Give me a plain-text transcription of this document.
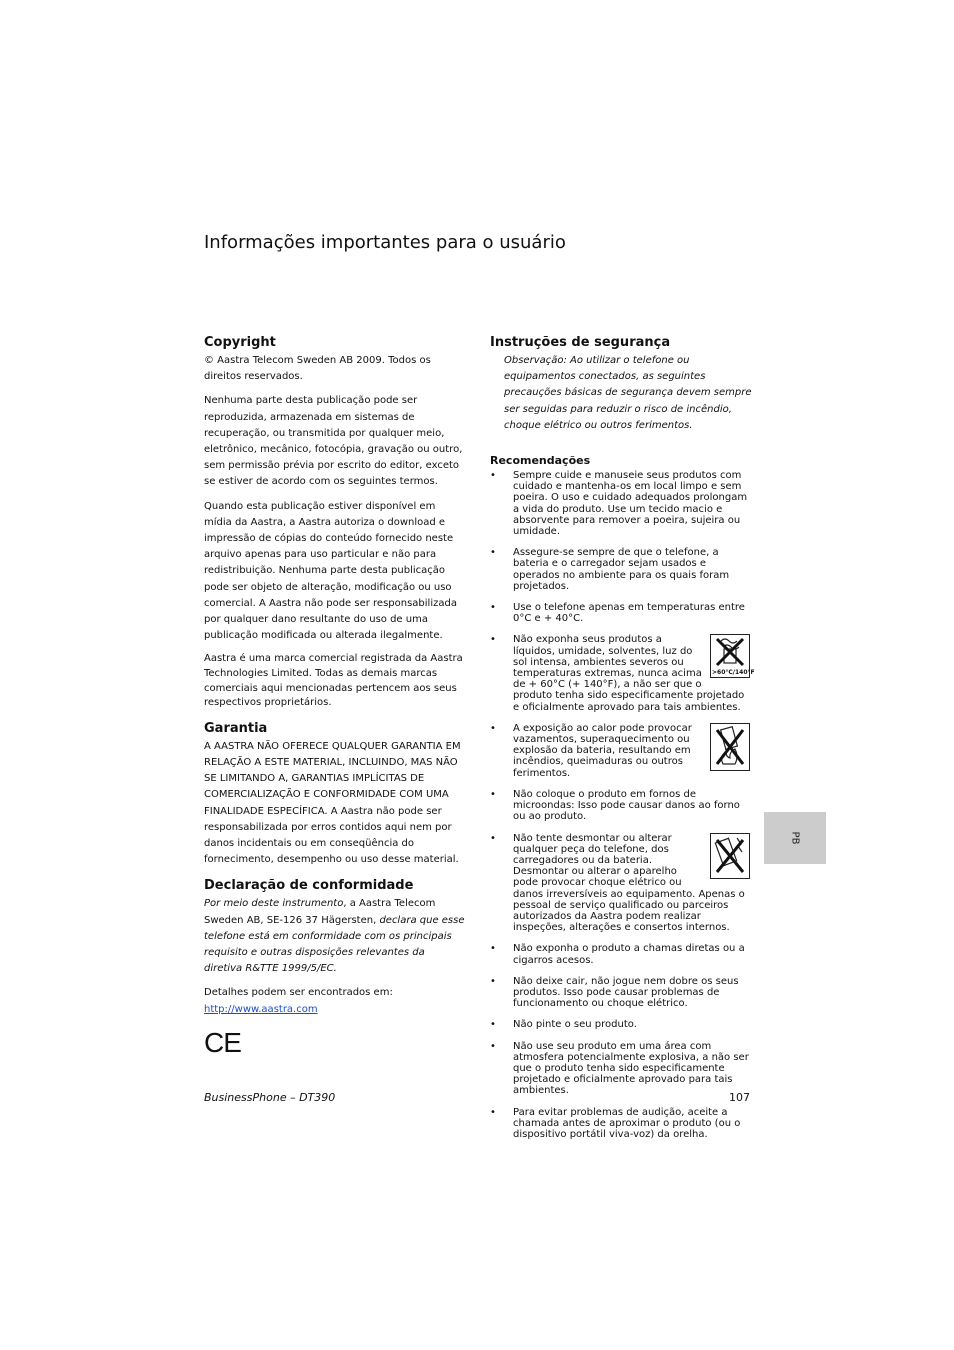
Informações importantes para o usuário
Copyright

© Aastra Telecom Sweden AB 2009. Todos os direitos reservados.

Nenhuma parte desta publicação pode ser reproduzida, armazenada em sistemas de recuperação, ou transmitida por qualquer meio, eletrônico, mecânico, fotocópia, gravação ou outro, sem permissão prévia por escrito do editor, exceto se estiver de acordo com os seguintes termos.

Quando esta publicação estiver disponível em mídia da Aastra, a Aastra autoriza o download e impressão de cópias do conteúdo fornecido neste arquivo apenas para uso particular e não para redistribuição. Nenhuma parte desta publicação pode ser objeto de alteração, modificação ou uso comercial. A Aastra não pode ser responsabilizada por qualquer dano resultante do uso de uma publicação modificada ou alterada ilegalmente.

Aastra é uma marca comercial registrada da Aastra Technologies Limited. Todas as demais marcas comerciais aqui mencionadas pertencem aos seus respectivos proprietários.

Garantia

A AASTRA NÃO OFERECE QUALQUER GARANTIA EM RELAÇÃO A ESTE MATERIAL, INCLUINDO, MAS NÃO SE LIMITANDO A, GARANTIAS IMPLÍCITAS DE COMERCIALIZAÇÃO E CONFORMIDADE COM UMA FINALIDADE ESPECÍFICA. A Aastra não pode ser responsabilizada por erros contidos aqui nem por danos incidentais ou em conseqüência do fornecimento, desempenho ou uso desse material.

Declaração de conformidade

Por meio deste instrumento, a Aastra Telecom Sweden AB, SE-126 37 Hägersten, declara que esse telefone está em conformidade com os principais requisito e outras disposições relevantes da diretiva R&TTE 1999/5/EC.

Detalhes podem ser encontrados em:

http://www.aastra.com
CE
Instruções de segurança

Observação: Ao utilizar o telefone ou equipamentos conectados, as seguintes precauções básicas de segurança devem sempre ser seguidas para reduzir o risco de incêndio, choque elétrico ou outros ferimentos.

Recomendações
• Sempre cuide e manuseie seus produtos com cuidado e mantenha-os em local limpo e sem poeira. O uso e cuidado adequados prolongam a vida do produto. Use um tecido macio e absorvente para remover a poeira, sujeira ou umidade.
• Assegure-se sempre de que o telefone, a bateria e o carregador sejam usados e operados no ambiente para os quais foram projetados.
• Use o telefone apenas em temperaturas entre 0°C e + 40°C.
• >60°C/140°F
Não exponha seus produtos a líquidos, umidade, solventes, luz do sol intensa, ambientes severos ou temperaturas extremas, nunca acima de + 60°C (+ 140°F), a não ser que o produto tenha sido especificamente projetado e oficialmente aprovado para tais ambientes.
• A exposição ao calor pode provocar vazamentos, superaquecimento ou explosão da bateria, resultando em incêndios, queimaduras ou outros ferimentos.
• Não coloque o produto em fornos de microondas: Isso pode causar danos ao forno ou ao produto.
• Não tente desmontar ou alterar qualquer peça do telefone, dos carregadores ou da bateria. Desmontar ou alterar o aparelho pode provocar choque elétrico ou danos irreversíveis ao equipamento. Apenas o pessoal de serviço qualificado ou parceiros autorizados da Aastra podem realizar inspeções, alterações e consertos internos.
• Não exponha o produto a chamas diretas ou a cigarros acesos.
• Não deixe cair, não jogue nem dobre os seus produtos. Isso pode causar problemas de funcionamento ou choque elétrico.
• Não pinte o seu produto.
• Não use seu produto em uma área com atmosfera potencialmente explosiva, a não ser que o produto tenha sido especificamente projetado e oficialmente aprovado para tais ambientes.
• Para evitar problemas de audição, aceite a chamada antes de aproximar o produto (ou o dispositivo portátil viva-voz) da orelha.
PB
BusinessPhone – DT390	107
